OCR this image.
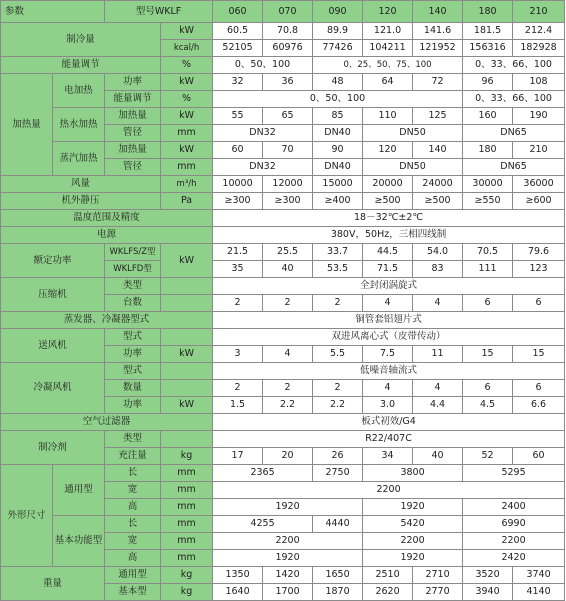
参数		型号WKLF		060	070	090	120	140	180	210
制冷量			kW	60.5	70.8	89.9	121.0	141.6	181.5	212.4
			kcal/h	52105	60976	77426	104211	121952	156316	182928
能量调节			%	0、50、100		0、25、50、75、100			0、33、66、100	
加热量	电加热	功率	kW	32	36	48	64	72	96	108
		能量调节	%	0、50、100					0、33、66、100	
	热水加热	加热量	kW	55	65	85	110	125	160	190
		管径	mm	DN32		DN40	DN50		DN65	
	蒸汽加热	加热量	kW	60	70	90	120	140	180	210
		管径	mm	DN32		DN40	DN50		DN65	
风量			m³/h	10000	12000	15000	20000	24000	30000	36000
机外静压			Pa	≥300	≥300	≥400	≥500	≥500	≥550	≥600
温度范围及精度				18－32℃±2℃						
电源				380V，50Hz，三相四线制						
额定功率		WKLFS/Z型	kW	21.5	25.5	33.7	44.5	54.0	70.5	79.6
		WKLFD型		35	40	53.5	71.5	83	111	123
压缩机		类型		全封闭涡旋式						
		台数		2	2	2	4	4	6	6
蒸发器、冷凝器型式				铜管套铝翅片式						
送风机		型式		双进风离心式（皮带传动）						
		功率	kW	3	4	5.5	7.5	11	15	15
冷凝风机		型式		低噪音轴流式						
		数量		2	2	2	4	4	6	6
		功率	kW	1.5	2.2	2.2	3.0	4.4	4.5	6.6
空气过滤器				板式初效/G4						
制冷剂		类型		R22/407C						
		充注量	kg	17	20	26	34	40	52	60
外形尺寸	通用型	长	mm	2365		2750	3800		5295	
		宽	mm	2200						
		高	mm	1920			1920		2400	
	基本功能型	长	mm	4255		4440	5420		6990	
		宽	mm	2200			2200		2200	
		高	mm	1920			1920		2420	
重量		通用型	kg	1350	1420	1650	2510	2710	3520	3740
		基本型	kg	1640	1700	1870	2620	2770	3940	4140
